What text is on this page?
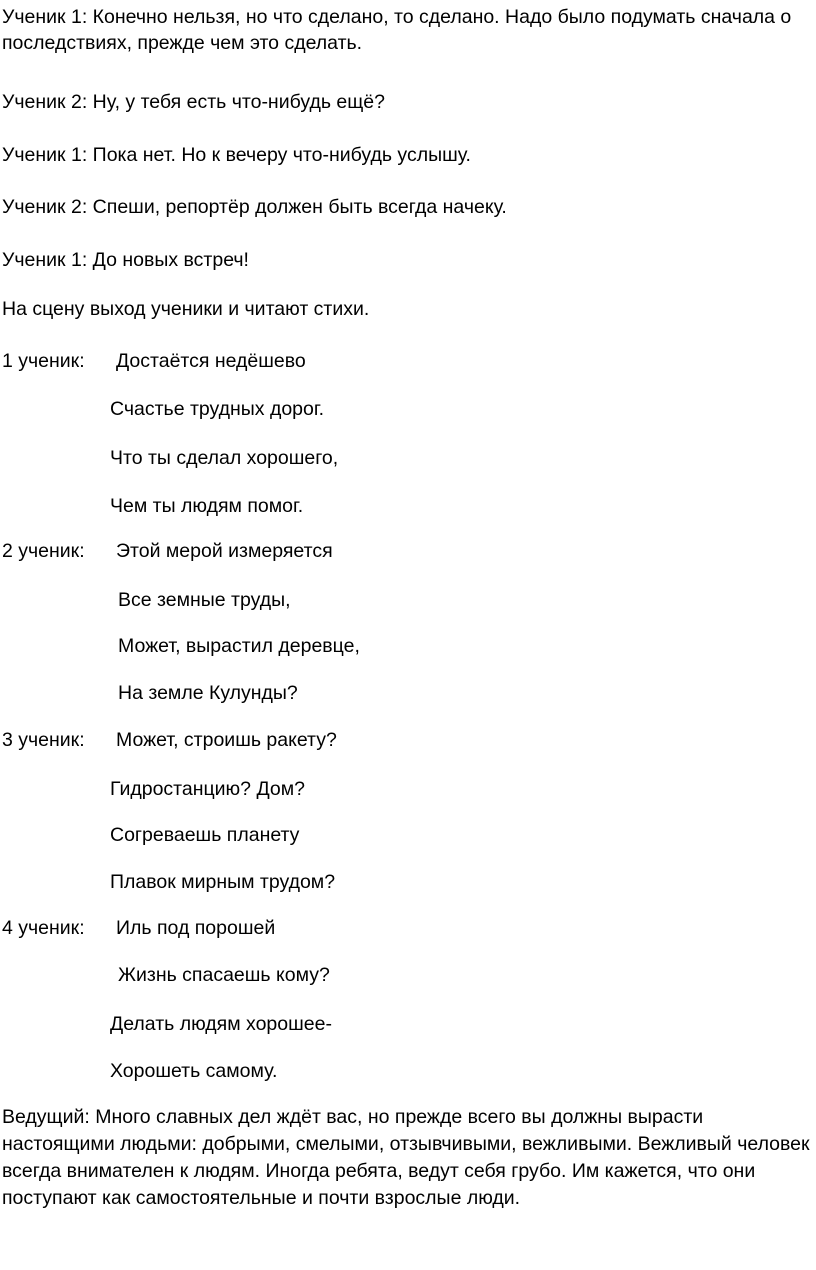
Ученик 1: Конечно нельзя, но что сделано, то сделано. Надо было подумать сначала о последствиях, прежде чем это сделать.
Ученик 2: Ну, у тебя есть что-нибудь ещё?
Ученик 1: Пока нет. Но к вечеру что-нибудь услышу.
Ученик 2: Спеши, репортёр должен быть всегда начеку.
Ученик 1: До новых встреч!
На сцену выход ученики и читают стихи.
1 ученик: Достаётся недёшево
Счастье трудных дорог.
Что ты сделал хорошего,
Чем ты людям помог.
2 ученик: Этой мерой измеряется
Все земные труды,
Может, вырастил деревце,
На земле Кулунды?
3 ученик: Может, строишь ракету?
Гидростанцию? Дом?
Согреваешь планету
Плавок мирным трудом?
4 ученик: Иль под порошей
Жизнь спасаешь кому?
Делать людям хорошее-
Хорошеть самому.
Ведущий: Много славных дел ждёт вас, но прежде всего вы должны вырасти настоящими людьми: добрыми, смелыми, отзывчивыми, вежливыми. Вежливый человек всегда внимателен к людям. Иногда ребята, ведут себя грубо. Им кажется, что они поступают как самостоятельные и почти взрослые люди.
